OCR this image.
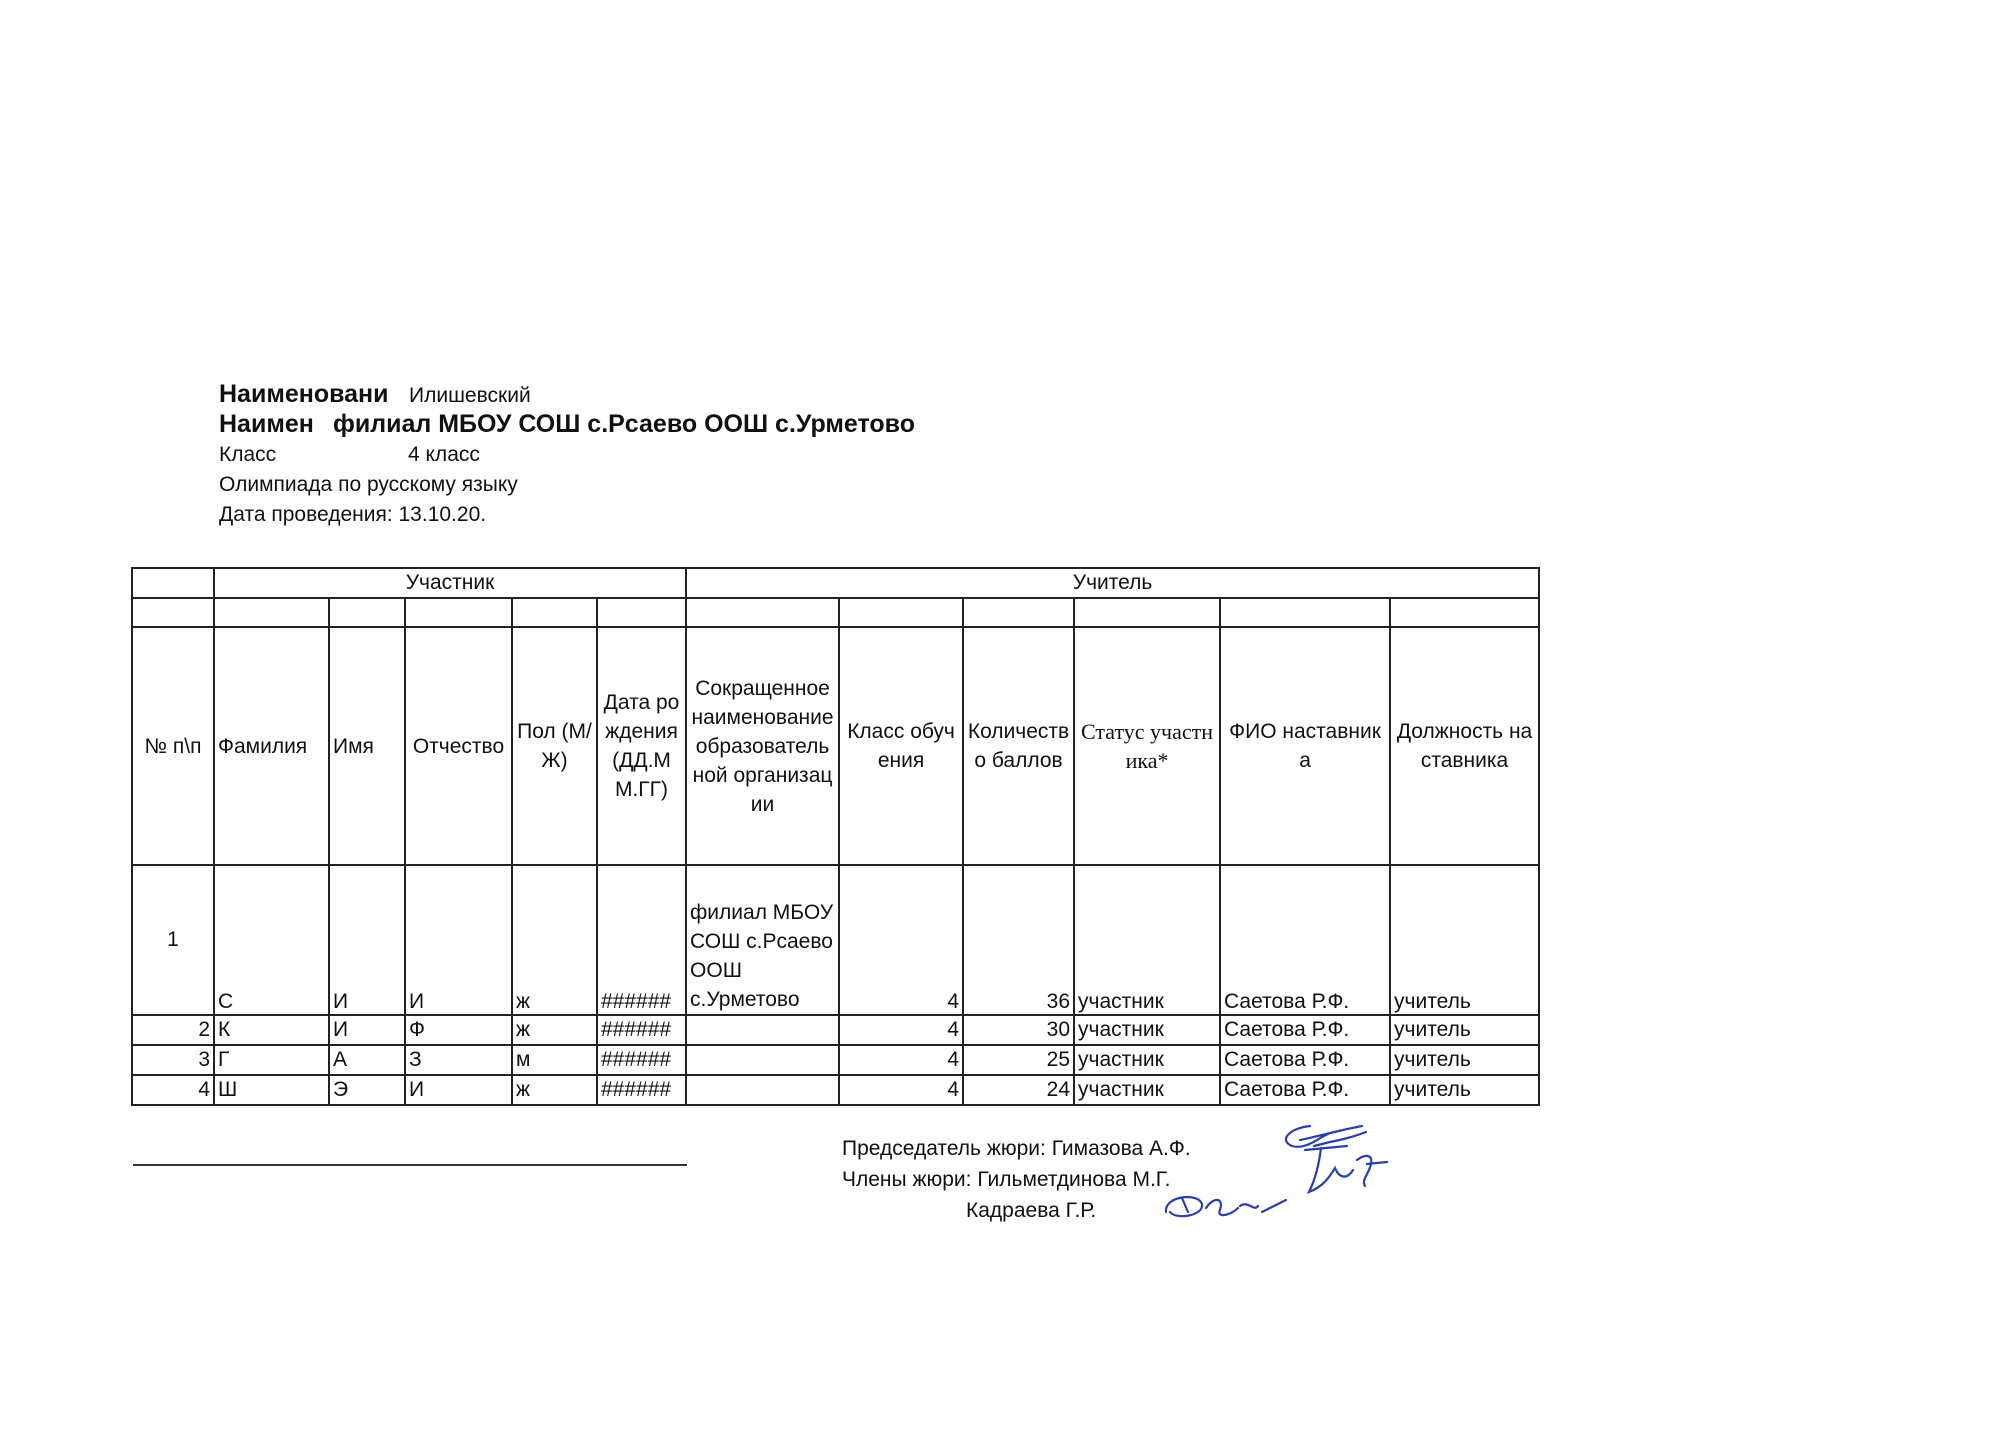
Наименовани Илишевский
Наимен филиал МБОУ СОШ с.Рсаево ООШ с.Урметово
Класс	4 класс
Олимпиада по русскому языку
Дата проведения: 13.10.20.
	Участник					Учитель					

№ п\п	Фамилия	Имя	Отчество	Пол (М/Ж)	Дата рождения (ДД.ММ.ГГ)	Сокращенное наименование образовательной организации	Класс обучения	Количество баллов	Статус участника*	ФИО наставника	Должность наставника
1	С	И	И	ж	######	филиал МБОУ СОШ с.Рсаево ООШ с.Урметово	4	36	участник	Саетова Р.Ф.	учитель
2	К	И	Ф	ж	######		4	30	участник	Саетова Р.Ф.	учитель
3	Г	А	З	м	######		4	25	участник	Саетова Р.Ф.	учитель
4	Ш	Э	И	ж	######		4	24	участник	Саетова Р.Ф.	учитель
Председатель жюри: Гимазова А.Ф.
Члены жюри: Гильметдинова М.Г.
Кадраева Г.Р.
